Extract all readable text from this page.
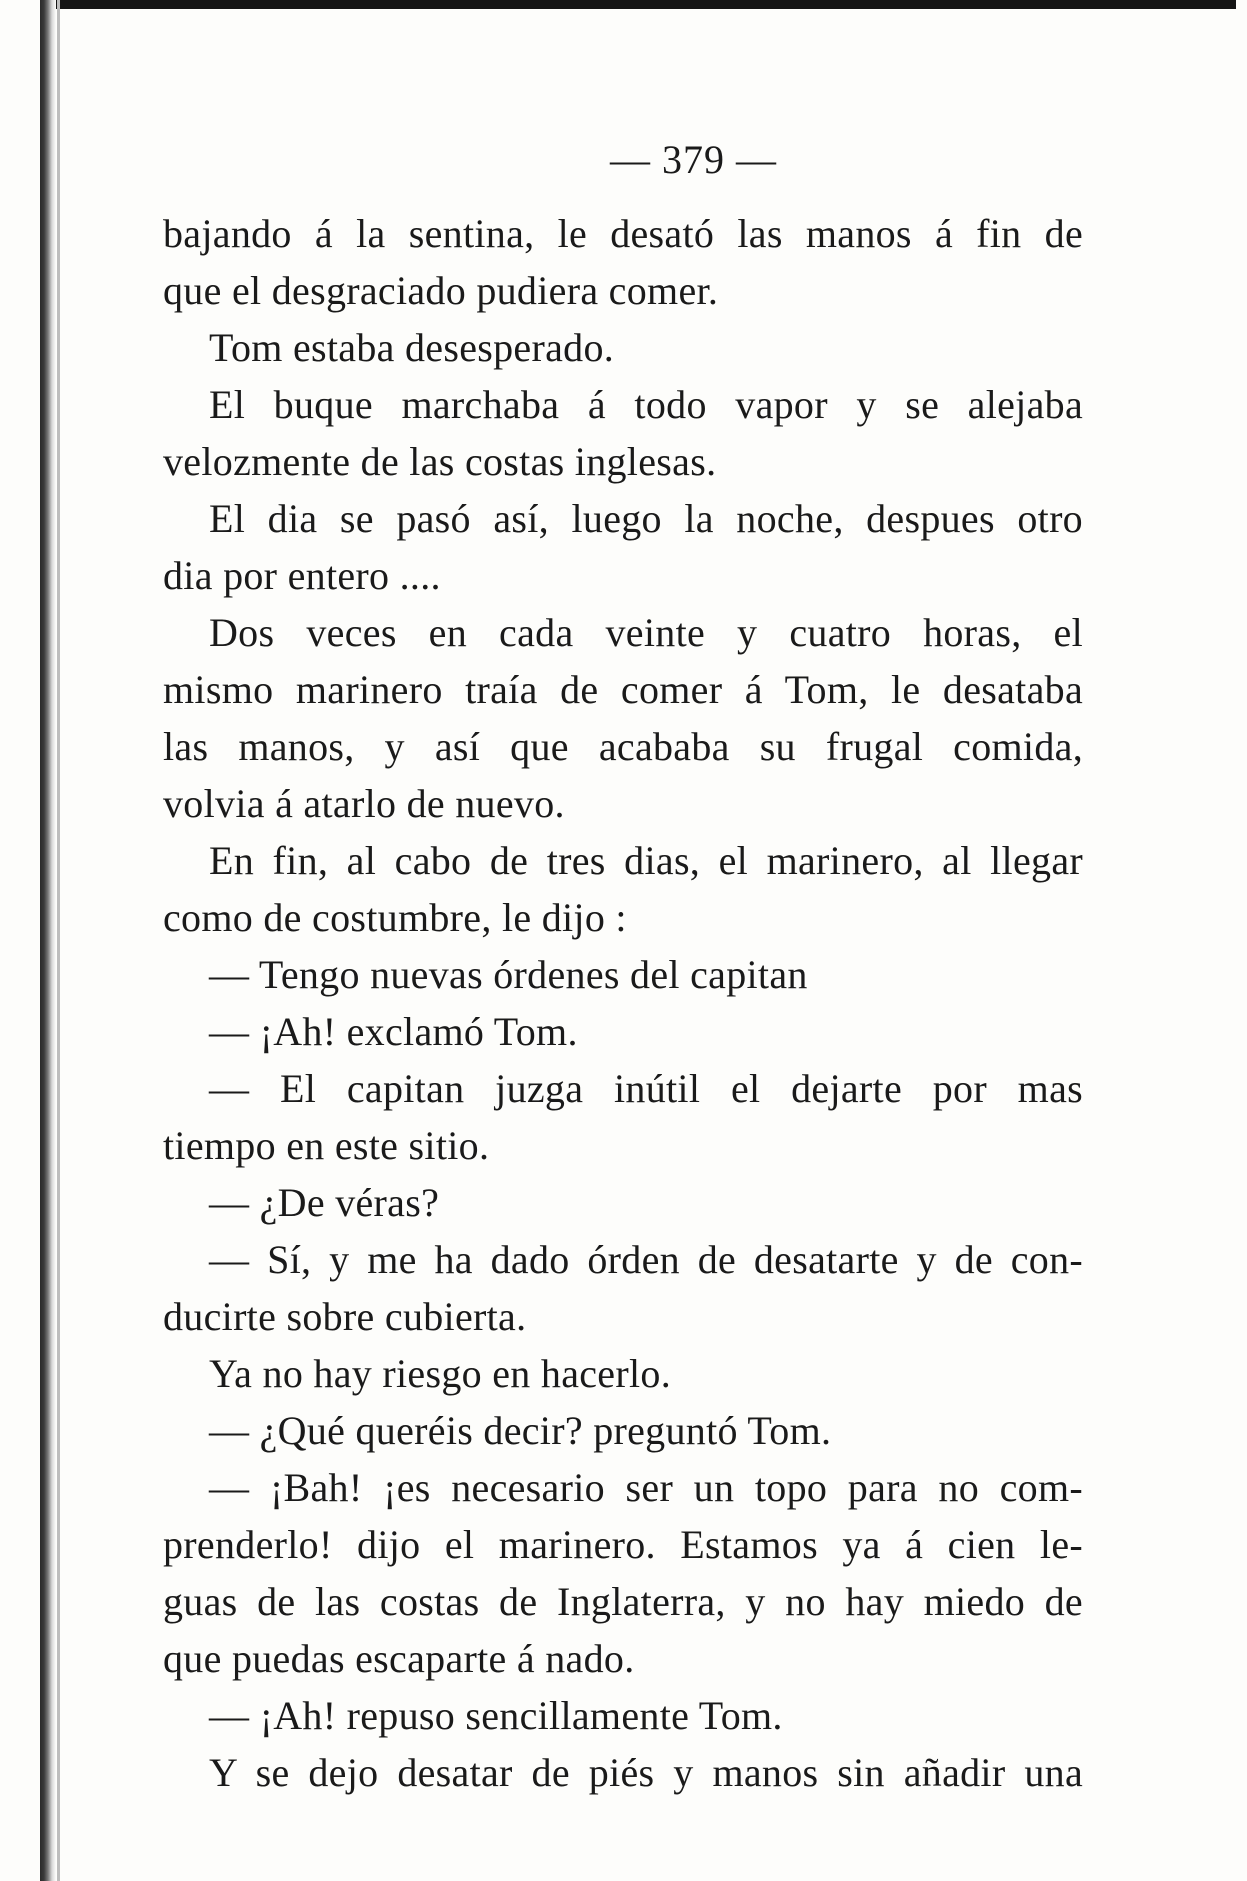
— 379 —
bajando á la sentina, le desató las manos á fin de
que el desgraciado pudiera comer.
Tom estaba desesperado.
El buque marchaba á todo vapor y se alejaba
velozmente de las costas inglesas.
El dia se pasó así, luego la noche, despues otro
dia por entero ....
Dos veces en cada veinte y cuatro horas, el
mismo marinero traía de comer á Tom, le desataba
las manos, y así que acababa su frugal comida,
volvia á atarlo de nuevo.
En fin, al cabo de tres dias, el marinero, al llegar
como de costumbre, le dijo :
— Tengo nuevas órdenes del capitan
— ¡Ah! exclamó Tom.
— El capitan juzga inútil el dejarte por mas
tiempo en este sitio.
— ¿De véras?
— Sí, y me ha dado órden de desatarte y de con-
ducirte sobre cubierta.
Ya no hay riesgo en hacerlo.
— ¿Qué queréis decir? preguntó Tom.
— ¡Bah! ¡es necesario ser un topo para no com-
prenderlo! dijo el marinero. Estamos ya á cien le-
guas de las costas de Inglaterra, y no hay miedo de
que puedas escaparte á nado.
— ¡Ah! repuso sencillamente Tom.
Y se dejo desatar de piés y manos sin añadir una
